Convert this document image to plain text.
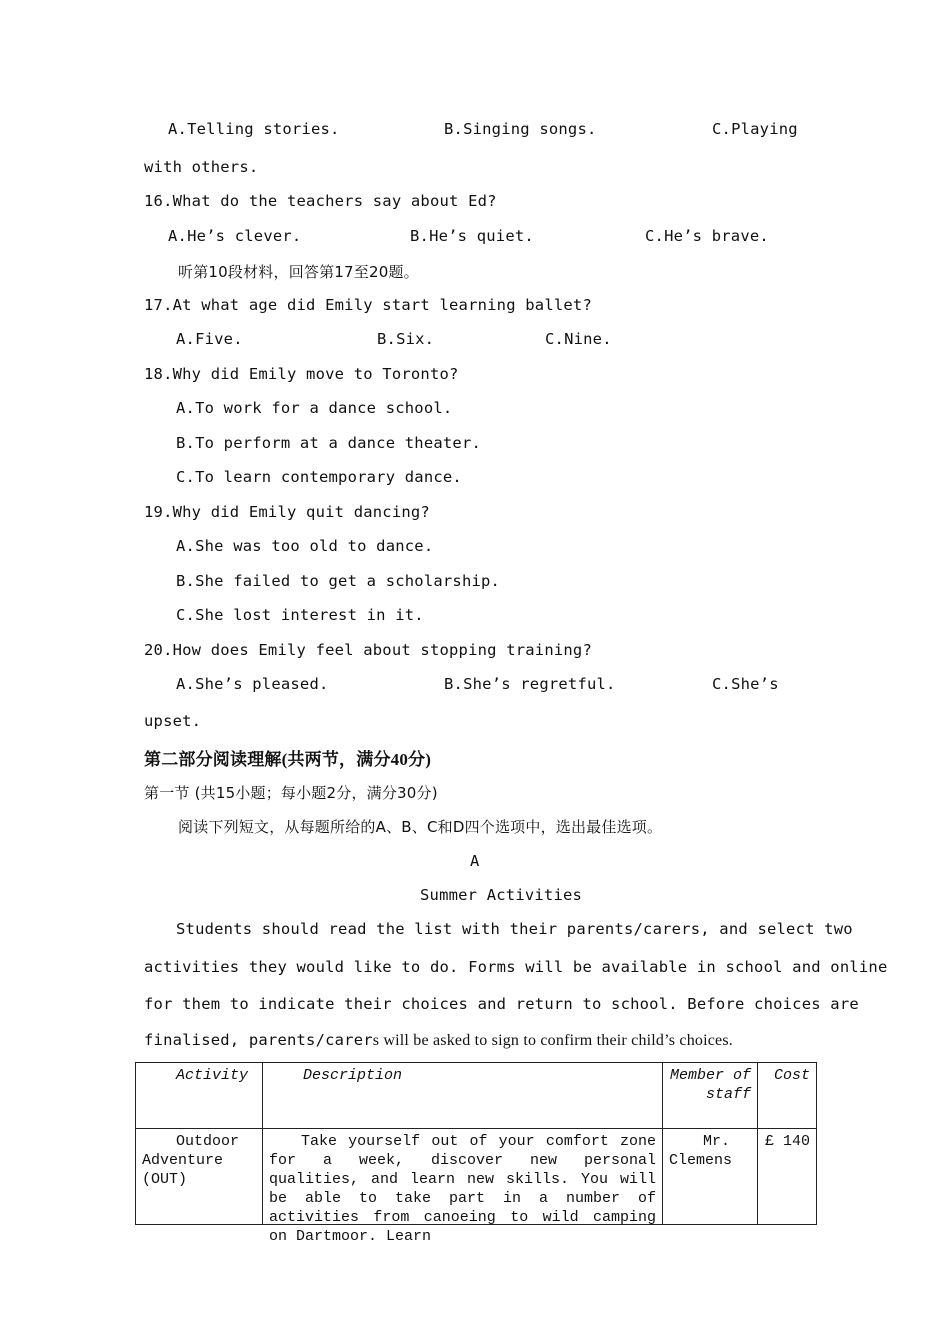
A.Telling stories.	B.Singing songs.	C.Playing
with others.
16.What do the teachers say about Ed?
A.He’s clever.	B.He’s quiet.	C.He’s brave.
听第10段材料，回答第17至20题。
17.At what age did Emily start learning ballet?
A.Five.	B.Six.	C.Nine.
18.Why did Emily move to Toronto?
A.To work for a dance school.
B.To perform at a dance theater.
C.To learn contemporary dance.
19.Why did Emily quit dancing?
A.She was too old to dance.
B.She failed to get a scholarship.
C.She lost interest in it.
20.How does Emily feel about stopping training?
A.She’s pleased.	B.She’s regretful.	C.She’s
upset.
第二部分阅读理解(共两节，满分40分)
第一节 (共15小题；每小题2分，满分30分)
阅读下列短文，从每题所给的A、B、C和D四个选项中，选出最佳选项。
A
Summer Activities
Students should read the list with their parents/carers, and select two
activities they would like to do. Forms will be available in school and online
for them to indicate their choices and return to school. Before choices are
finalised, parents/carers will be asked to sign to confirm their child’s choices.
Activity	Description	Member of staff	Cost

Outdoor Adventure (OUT)	Take yourself out of your comfort zone for a week, discover new personal qualities, and learn new skills. You will be able to take part in a number of activities from canoeing to wild camping on Dartmoor. Learn	Mr. Clemens	£ 140
